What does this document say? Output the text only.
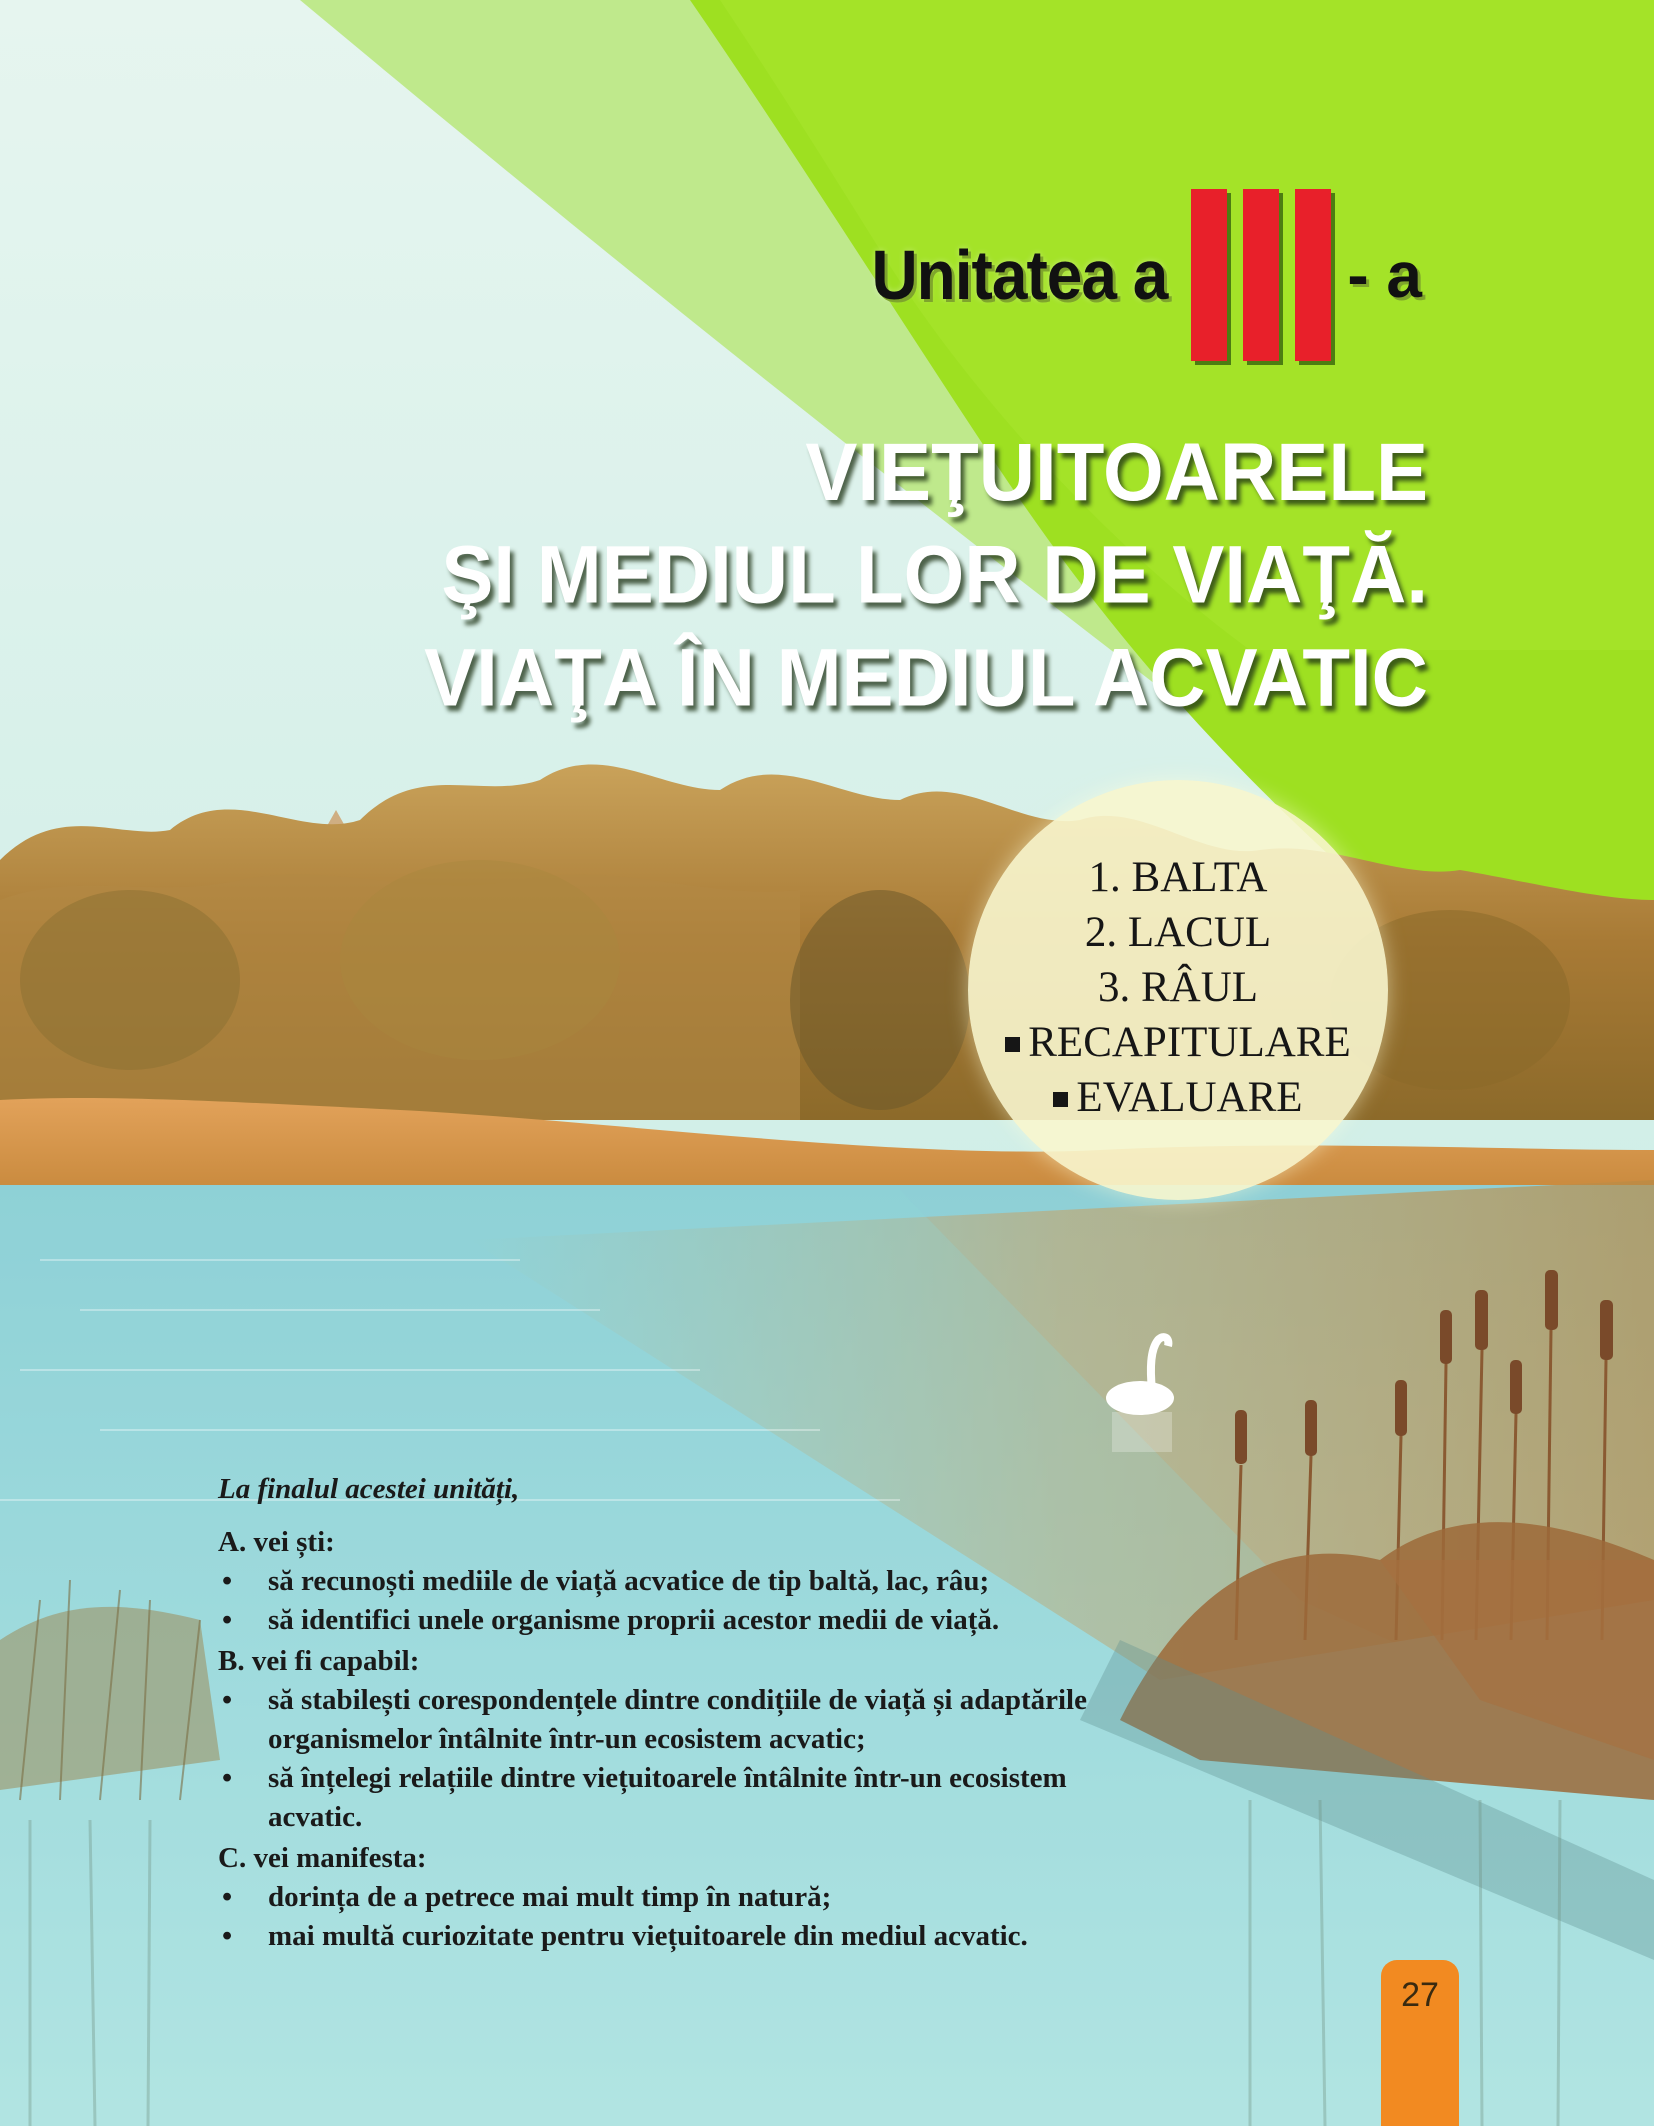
Unitatea a	- a
VIEŢUITOARELE
ŞI MEDIUL LOR DE VIAŢĂ.
VIAŢA ÎN MEDIUL ACVATIC
1. BALTA
2. LACUL
3. RÂUL
RECAPITULARE
EVALUARE
La finalul acestei unități,
A. vei ști:
• să recunoști mediile de viață acvatice de tip baltă, lac, râu;
• să identifici unele organisme proprii acestor medii de viață.
B. vei fi capabil:
• să stabilești corespondențele dintre condițiile de viață și adaptările organismelor întâlnite într-un ecosistem acvatic;
• să înțelegi relațiile dintre viețuitoarele întâlnite într-un ecosistem acvatic.
C. vei manifesta:
• dorința de a petrece mai mult timp în natură;
• mai multă curiozitate pentru viețuitoarele din mediul acvatic.
27
